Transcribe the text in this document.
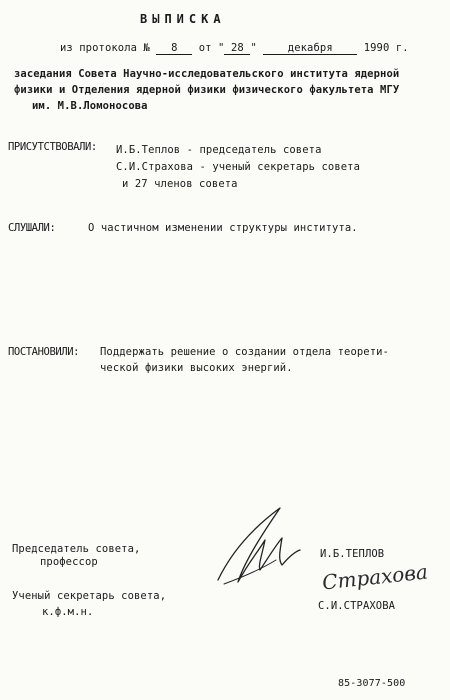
ВЫПИСКА
из протокола № 8 от " 28 "	декабря	1990 г.
заседания Совета Научно-исследовательского института ядерной
физики и Отделения ядерной физики физического факультета МГУ
им. М.В.Ломоносова
ПРИСУТСТВОВАЛИ: И.Б.Теплов - председатель совета
С.И.Страхова - ученый секретарь совета
и 27 членов совета
СЛУШАЛИ:	О частичном изменении структуры института.
ПОСТАНОВИЛИ: Поддержать решение о создании отдела теорети-
ческой физики высоких энергий.
Председатель совета,
профессор
И.Б.ТЕПЛОВ
Ученый секретарь совета,
к.ф.м.н.
Страхова
С.И.СТРАХОВА
85-3077-500
